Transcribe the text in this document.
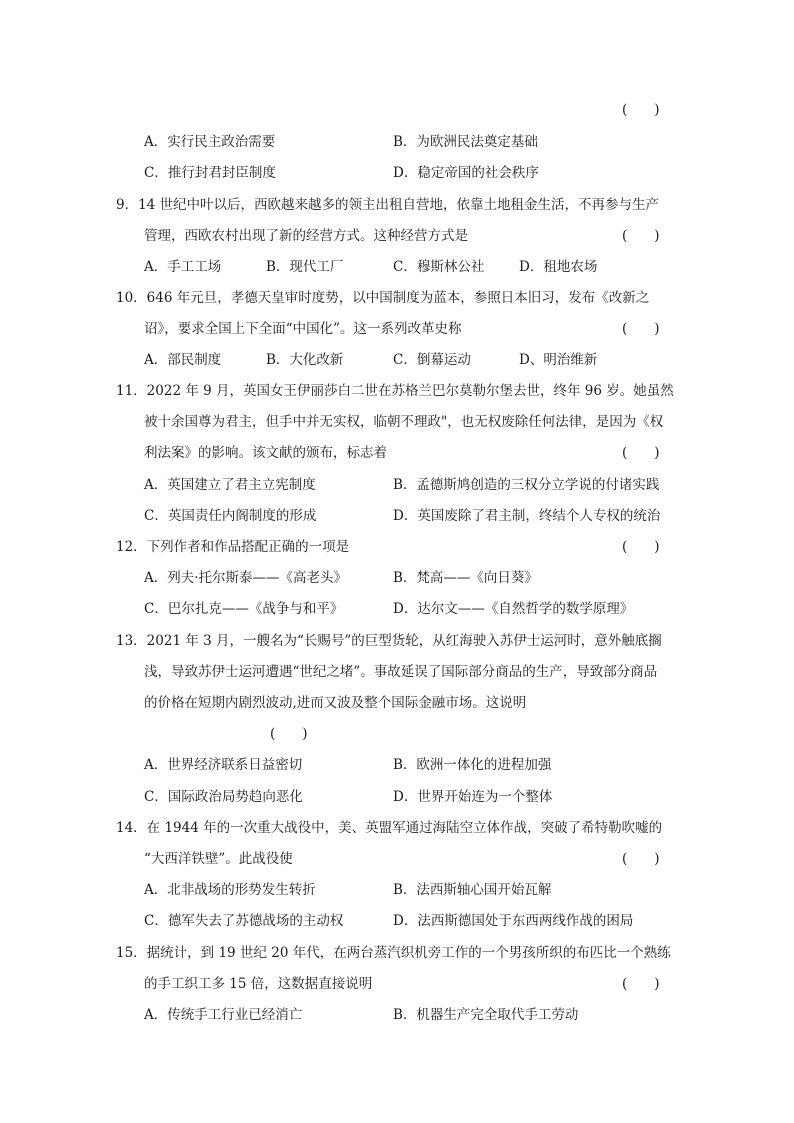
(　　)
A．实行民主政治需要	B．为欧洲民法奠定基础
C．推行封君封臣制度	D．稳定帝国的社会秩序
9．14 世纪中叶以后，西欧越来越多的领主出租自营地，依靠土地租金生活，不再参与生产
管理，西欧农村出现了新的经营方式。这种经营方式是	(　　)
A．手工工场	B．现代工厂	C．穆斯林公社	D．租地农场
10．646 年元旦，孝德天皇审时度势，以中国制度为蓝本，参照日本旧习，发布《改新之
诏》，要求全国上下全面“中国化”。这一系列改革史称	(　　)
A．部民制度	B．大化改新	C．倒幕运动	D、明治维新
11．2022 年 9 月，英国女王伊丽莎白二世在苏格兰巴尔莫勒尔堡去世，终年 96 岁。她虽然
被十余国尊为君主，但手中并无实权，临朝不理政"，也无权废除任何法律，是因为《权
利法案》的影响。该文献的颁布，标志着	(　　)
A．英国建立了君主立宪制度	B．孟德斯鸠创造的三权分立学说的付诸实践
C．英国责任内阁制度的形成	D．英国废除了君主制，终结个人专权的统治
12．下列作者和作品搭配正确的一项是	(　　)
A．列夫·托尔斯泰——《高老头》	B．梵高——《向日葵》
C．巴尔扎克——《战争与和平》	D．达尔文——《自然哲学的数学原理》
13．2021 年 3 月，一艘名为“长赐号”的巨型货轮，从红海驶入苏伊士运河时，意外触底搁
浅，导致苏伊士运河遭遇“世纪之堵”。事故延误了国际部分商品的生产，导致部分商品
的价格在短期内剧烈波动,进而又波及整个国际金融市场。这说明
(　　)
A．世界经济联系日益密切	B．欧洲一体化的进程加强
C．国际政治局势趋向恶化	D．世界开始连为一个整体
14．在 1944 年的一次重大战役中，美、英盟军通过海陆空立体作战，突破了希特勒吹嘘的
“大西洋铁壁”。此战役使	(　　)
A．北非战场的形势发生转折	B．法西斯轴心国开始瓦解
C．德军失去了苏德战场的主动权	D．法西斯德国处于东西两线作战的困局
15．据统计，到 19 世纪 20 年代，在两台蒸汽织机旁工作的一个男孩所织的布匹比一个熟练
的手工织工多 15 倍，这数据直接说明	(　　)
A．传统手工行业已经消亡	B．机器生产完全取代手工劳动
